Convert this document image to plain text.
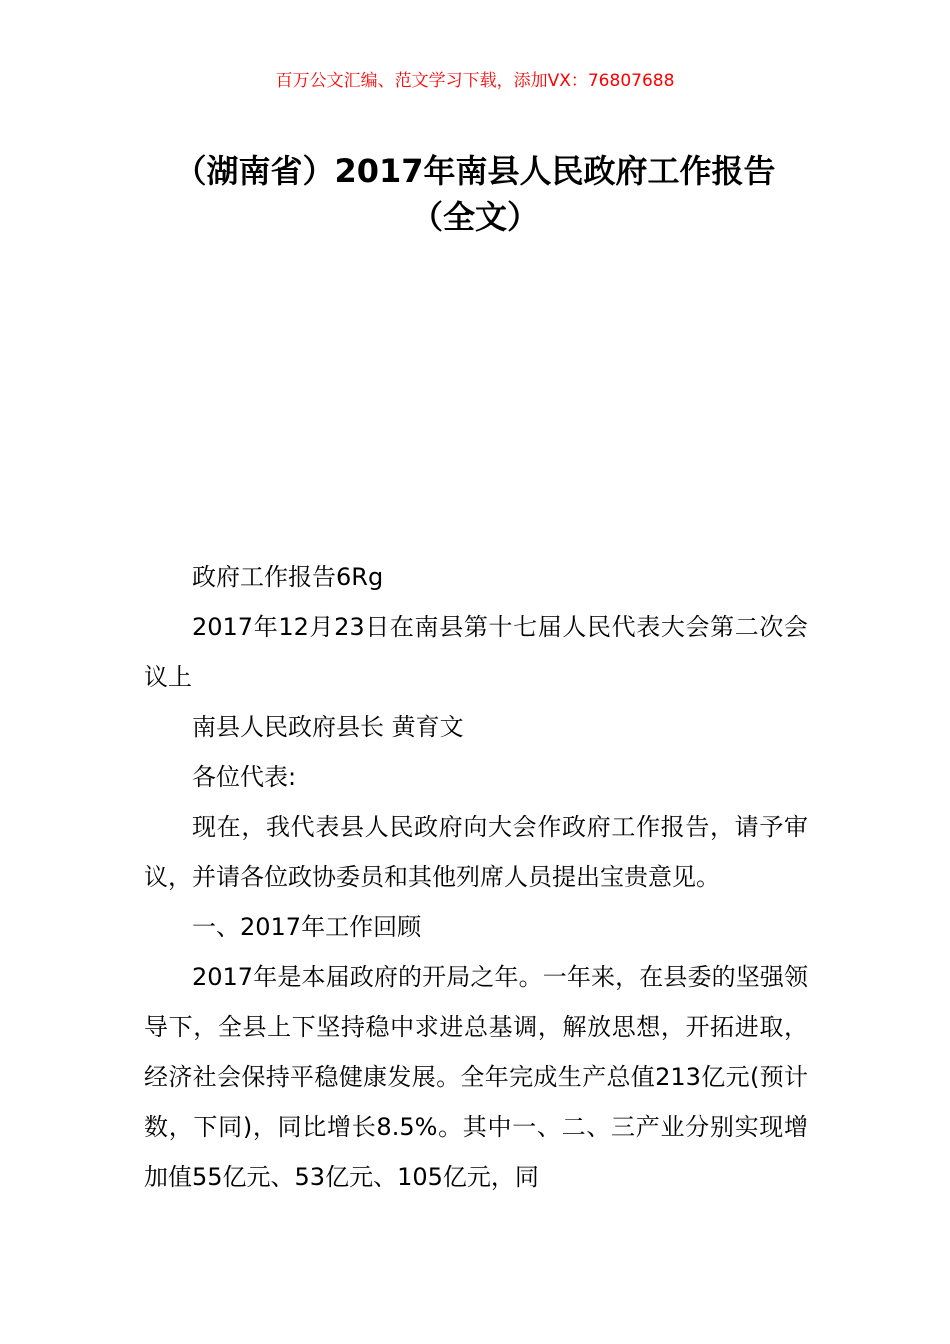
百万公文汇编、范文学习下载，添加VX：76807688
（湖南省）2017年南县人民政府工作报告
（全文）

政府工作报告6Rg

2017年12月23日在南县第十七届人民代表大会第二次会议上

南县人民政府县长 黄育文

各位代表:

现在，我代表县人民政府向大会作政府工作报告，请予审议，并请各位政协委员和其他列席人员提出宝贵意见。

一、2017年工作回顾

2017年是本届政府的开局之年。一年来，在县委的坚强领导下，全县上下坚持稳中求进总基调，解放思想，开拓进取，经济社会保持平稳健康发展。全年完成生产总值213亿元(预计数，下同)，同比增长8.5%。其中一、二、三产业分别实现增加值55亿元、53亿元、105亿元，同
